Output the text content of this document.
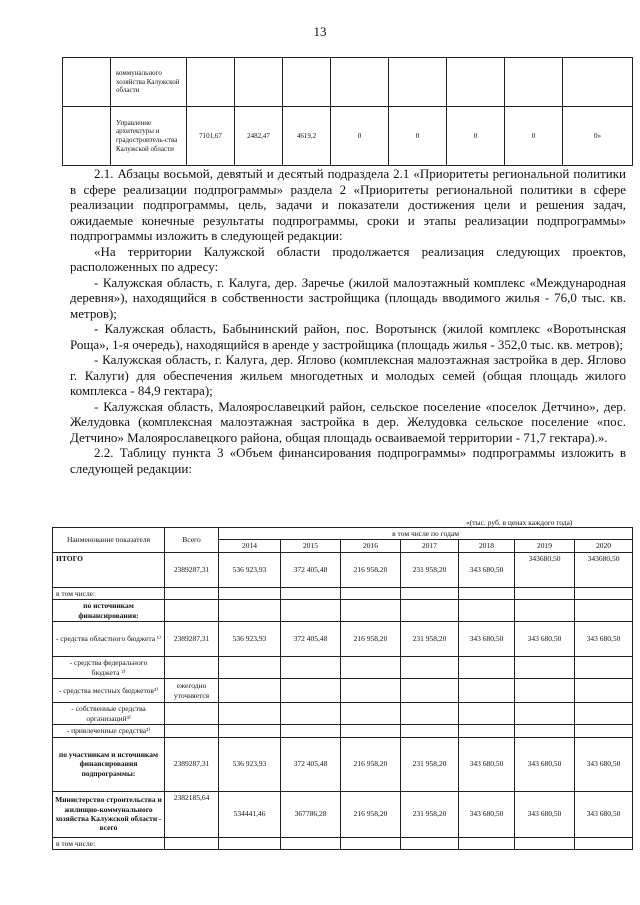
13
	коммунального хозяйства Калужской области								
	Управление архитектуры и градостроитель-ства Калужской области	7101,67	2482,47	4619,2	0	0	0	0	0»

2.1. Абзацы восьмой, девятый и десятый подраздела 2.1 «Приоритеты региональной политики в сфере реализации подпрограммы» раздела 2 «Приоритеты региональной политики в сфере реализации подпрограммы, цель, задачи и показатели достижения цели и решения задач, ожидаемые конечные результаты подпрограммы, сроки и этапы реализации подпрограммы» подпрограммы изложить в следующей редакции:

«На территории Калужской области продолжается реализация следующих проектов, расположенных по адресу:

- Калужская область, г. Калуга, дер. Заречье (жилой малоэтажный комплекс «Международная деревня»), находящийся в собственности застройщика (площадь вводимого жилья - 76,0 тыс. кв. метров);

- Калужская область, Бабынинский район, пос. Воротынск (жилой комплекс «Воротынская Роща», 1-я очередь), находящийся в аренде у застройщика (площадь жилья - 352,0 тыс. кв. метров);

- Калужская область, г. Калуга, дер. Яглово (комплексная малоэтажная застройка в дер. Яглово г. Калуги) для обеспечения жильем многодетных и молодых семей (общая площадь жилого комплекса - 84,9 гектара);

- Калужская область, Малоярославецкий район, сельское поселение «поселок Детчино», дер. Желудовка (комплексная малоэтажная застройка в дер. Желудовка сельское поселение «пос. Детчино» Малоярославецкого района, общая площадь осваиваемой территории - 71,7 гектара).».

2.2. Таблицу пункта 3 «Объем финансирования подпрограммы» подпрограммы изложить в следующей редакции:

«(тыс. руб. в ценах каждого года)
Наименование показателя	Всего	в том числе по годам						
		2014	2015	2016	2017	2018	2019	2020
ИТОГО	2389287,31	536 923,93	372 405,48	216 958,20	231 958,20	343 680,50	343680,50	343680,50
в том числе:								
по источникам финансирования:								
- средства областного бюджета ¹⁾	2389287,31	536 923,93	372 405,48	216 958,20	231 958,20	343 680,50	343 680,50	343 680,50
- средства федерального бюджета ²⁾								
- средства местных бюджетов³⁾	ежегодно уточняется							
- собственные средства организаций³⁾								
- привлеченные средства³⁾								
по участникам и источникам финансирования подпрограммы:	2389287,31	536 923,93	372 405,48	216 958,20	231 958,20	343 680,50	343 680,50	343 680,50
Министерство строительства и жилищно-коммунального хозяйства Калужской области - всего	2382185,64	534441,46	367786,28	216 958,20	231 958,20	343 680,50	343 680,50	343 680,50
в том числе:								
